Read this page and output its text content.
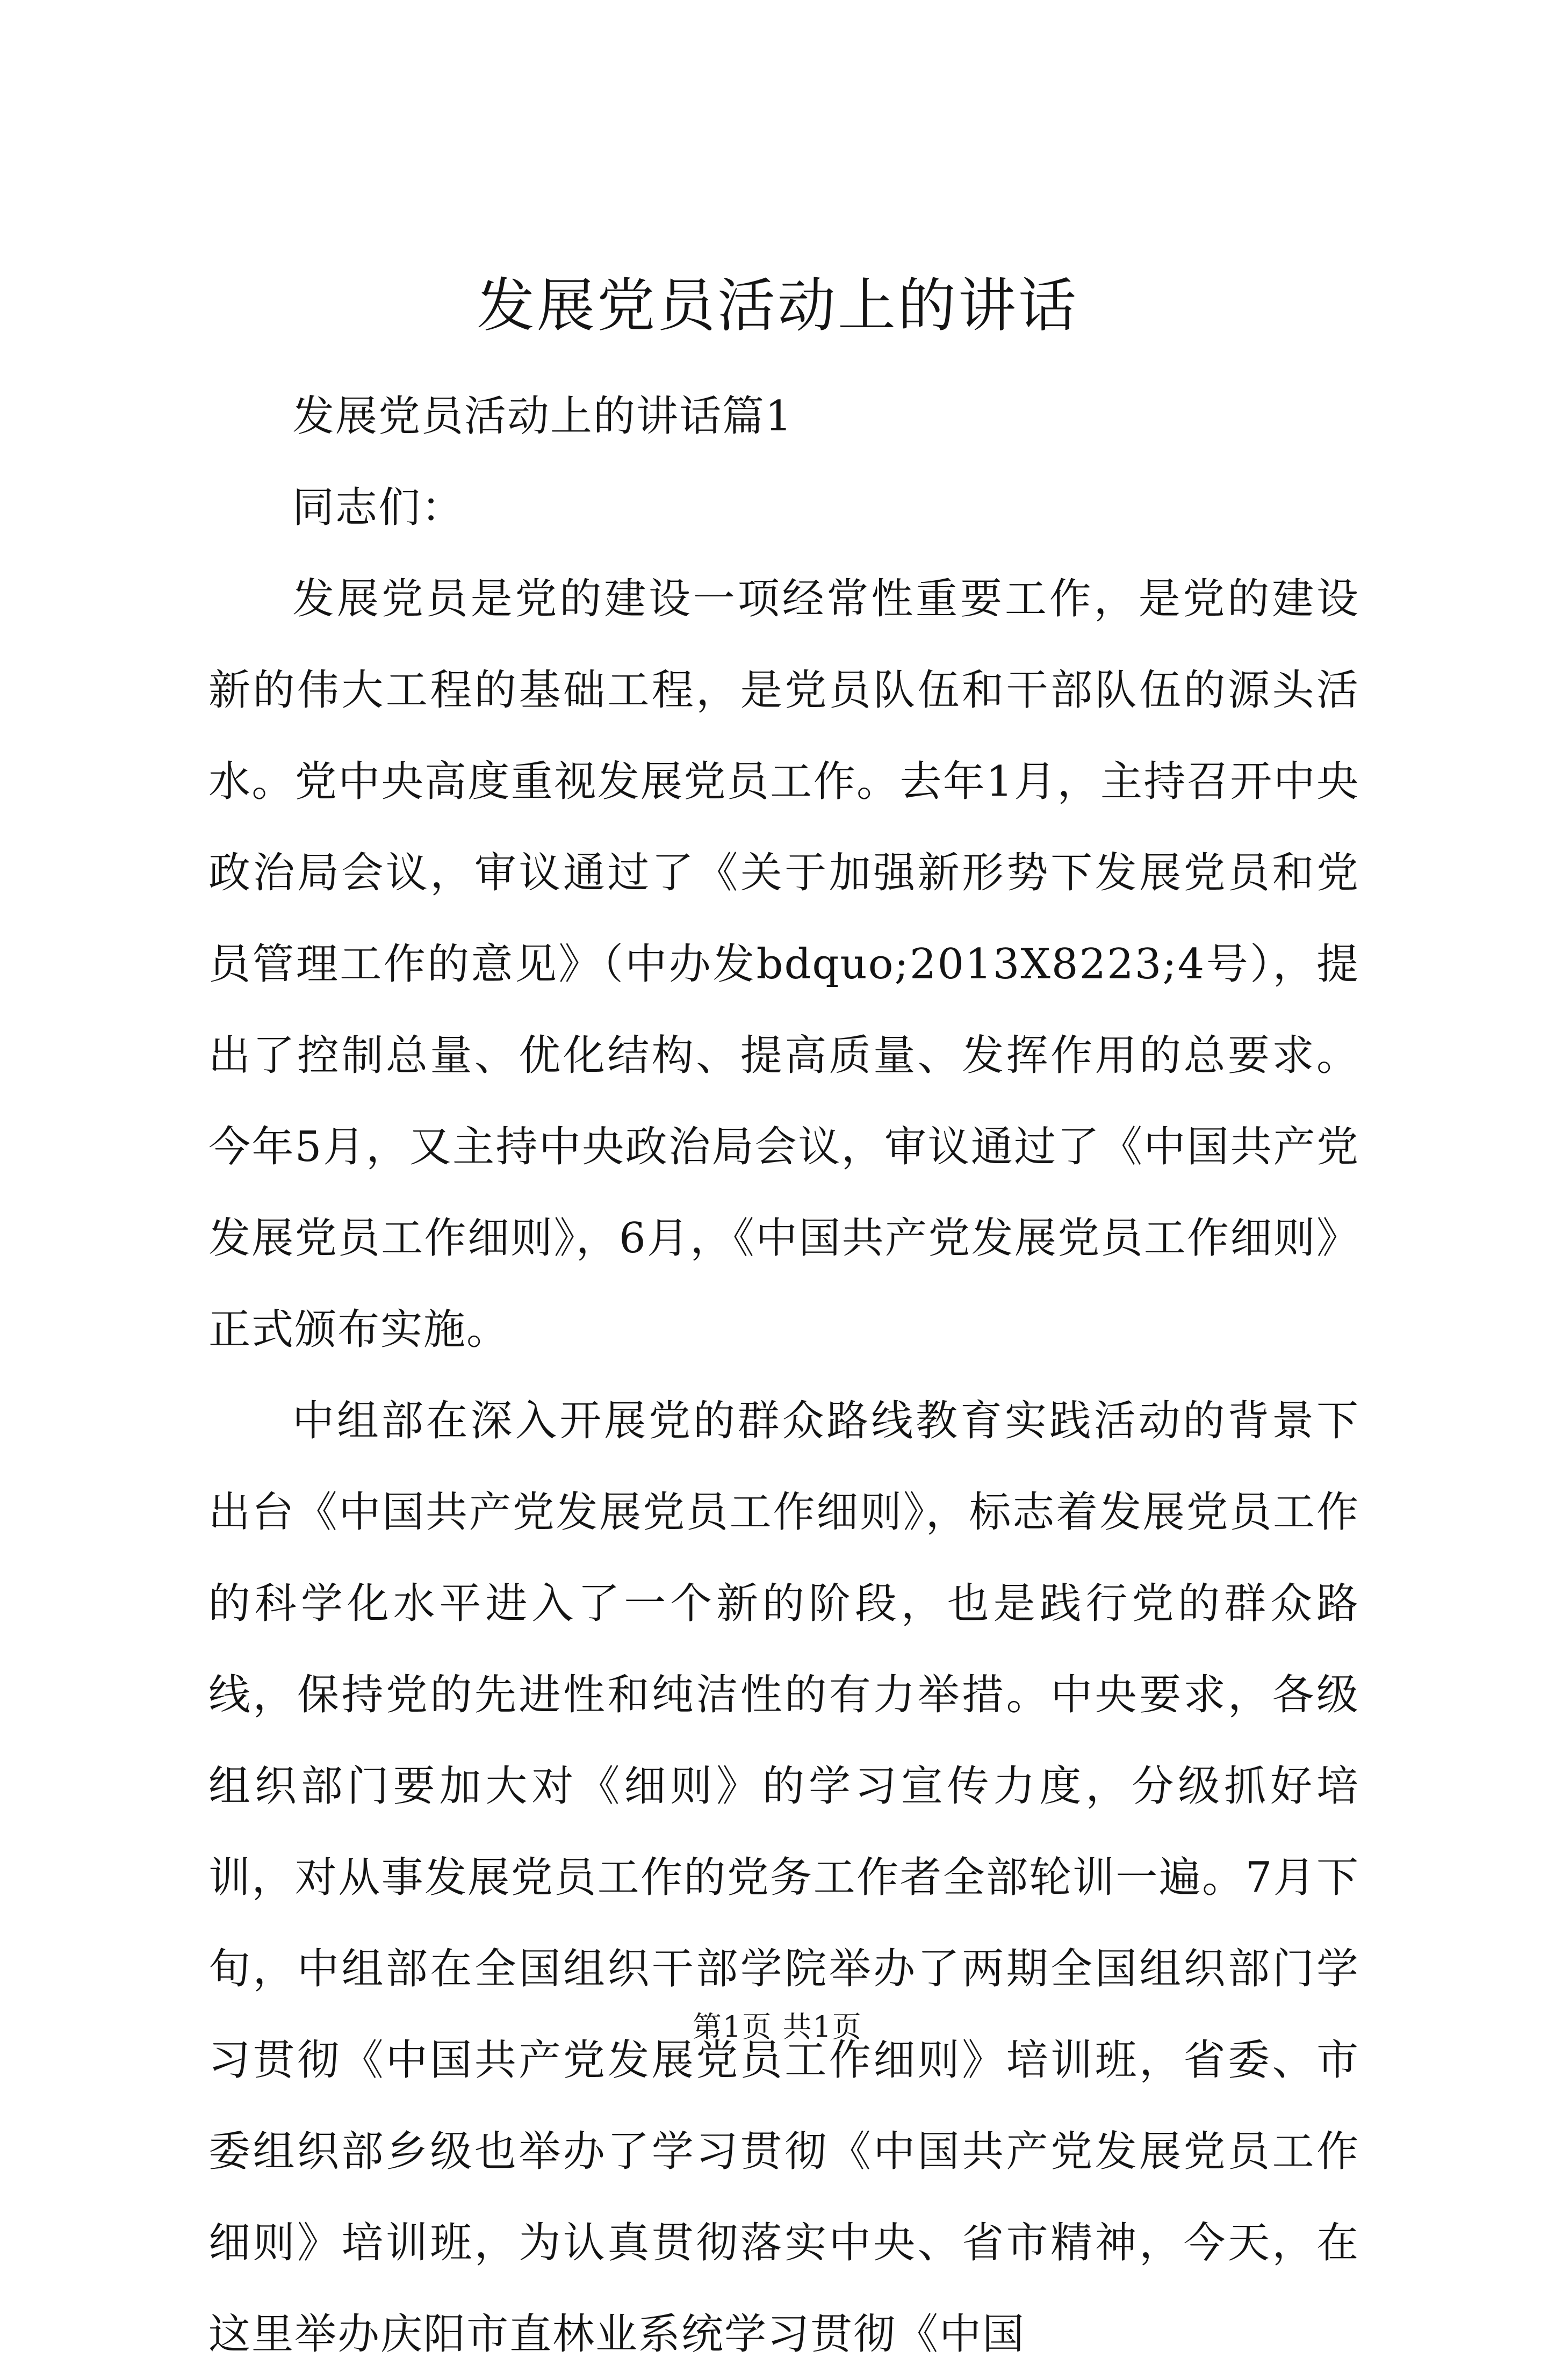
发展党员活动上的讲话

发展党员活动上的讲话篇1

同志们：

发展党员是党的建设一项经常性重要工作，是党的建设新的伟大工程的基础工程，是党员队伍和干部队伍的源头活水。党中央高度重视发展党员工作。去年1月，主持召开中央政治局会议，审议通过了《关于加强新形势下发展党员和党员管理工作的意见》（中办发bdquo;2013X8223;4号），提出了控制总量、优化结构、提高质量、发挥作用的总要求。今年5月，又主持中央政治局会议，审议通过了《中国共产党发展党员工作细则》，6月，《中国共产党发展党员工作细则》正式颁布实施。

中组部在深入开展党的群众路线教育实践活动的背景下出台《中国共产党发展党员工作细则》，标志着发展党员工作的科学化水平进入了一个新的阶段，也是践行党的群众路线，保持党的先进性和纯洁性的有力举措。中央要求，各级组织部门要加大对《细则》的学习宣传力度，分级抓好培训，对从事发展党员工作的党务工作者全部轮训一遍。7月下旬，中组部在全国组织干部学院举办了两期全国组织部门学习贯彻《中国共产党发展党员工作细则》培训班，省委、市委组织部乡级也举办了学习贯彻《中国共产党发展党员工作细则》培训班，为认真贯彻落实中央、省市精神，今天，在这里举办庆阳市直林业系统学习贯彻《中国

第1页 共1页
